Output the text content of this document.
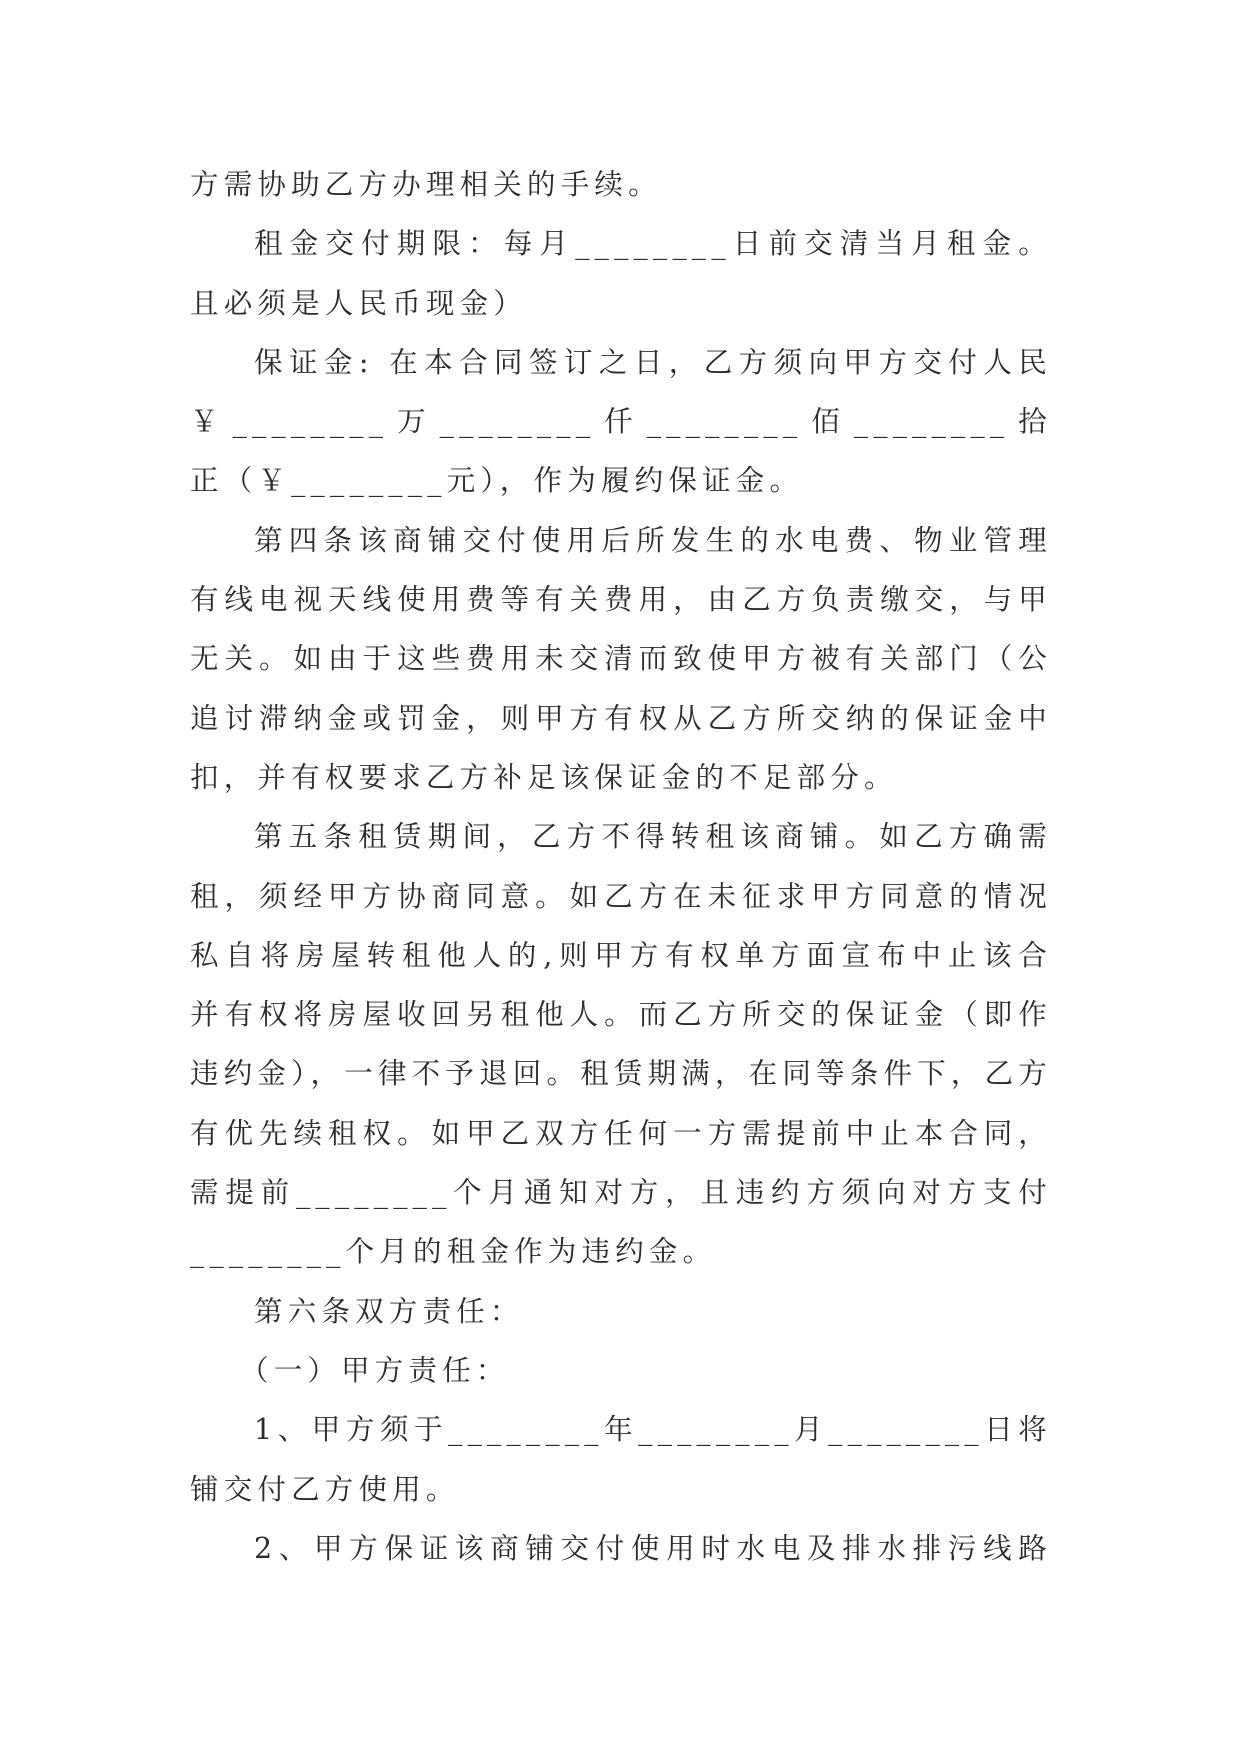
方需协助乙方办理相关的手续。
租金交付期限：每月________日前交清当月租金。
且必须是人民币现金）
保证金: 在本合同签订之日，乙方须向甲方交付人民
￥________万________仟________佰________拾
正（￥________元），作为履约保证金。
第四条该商铺交付使用后所发生的水电费、物业管理
有线电视天线使用费等有关费用，由乙方负责缴交，与甲
无关。如由于这些费用未交清而致使甲方被有关部门（公
追讨滞纳金或罚金，则甲方有权从乙方所交纳的保证金中
扣，并有权要求乙方补足该保证金的不足部分。
第五条租赁期间，乙方不得转租该商铺。如乙方确需
租，须经甲方协商同意。如乙方在未征求甲方同意的情况
私自将房屋转租他人的,则甲方有权单方面宣布中止该合
并有权将房屋收回另租他人。而乙方所交的保证金（即作
违约金），一律不予退回。租赁期满，在同等条件下，乙方
有优先续租权。如甲乙双方任何一方需提前中止本合同，
需提前________个月通知对方，且违约方须向对方支付
________个月的租金作为违约金。
第六条双方责任：
（一）甲方责任：
1、甲方须于________年________月________日将
铺交付乙方使用。
2、甲方保证该商铺交付使用时水电及排水排污线路
